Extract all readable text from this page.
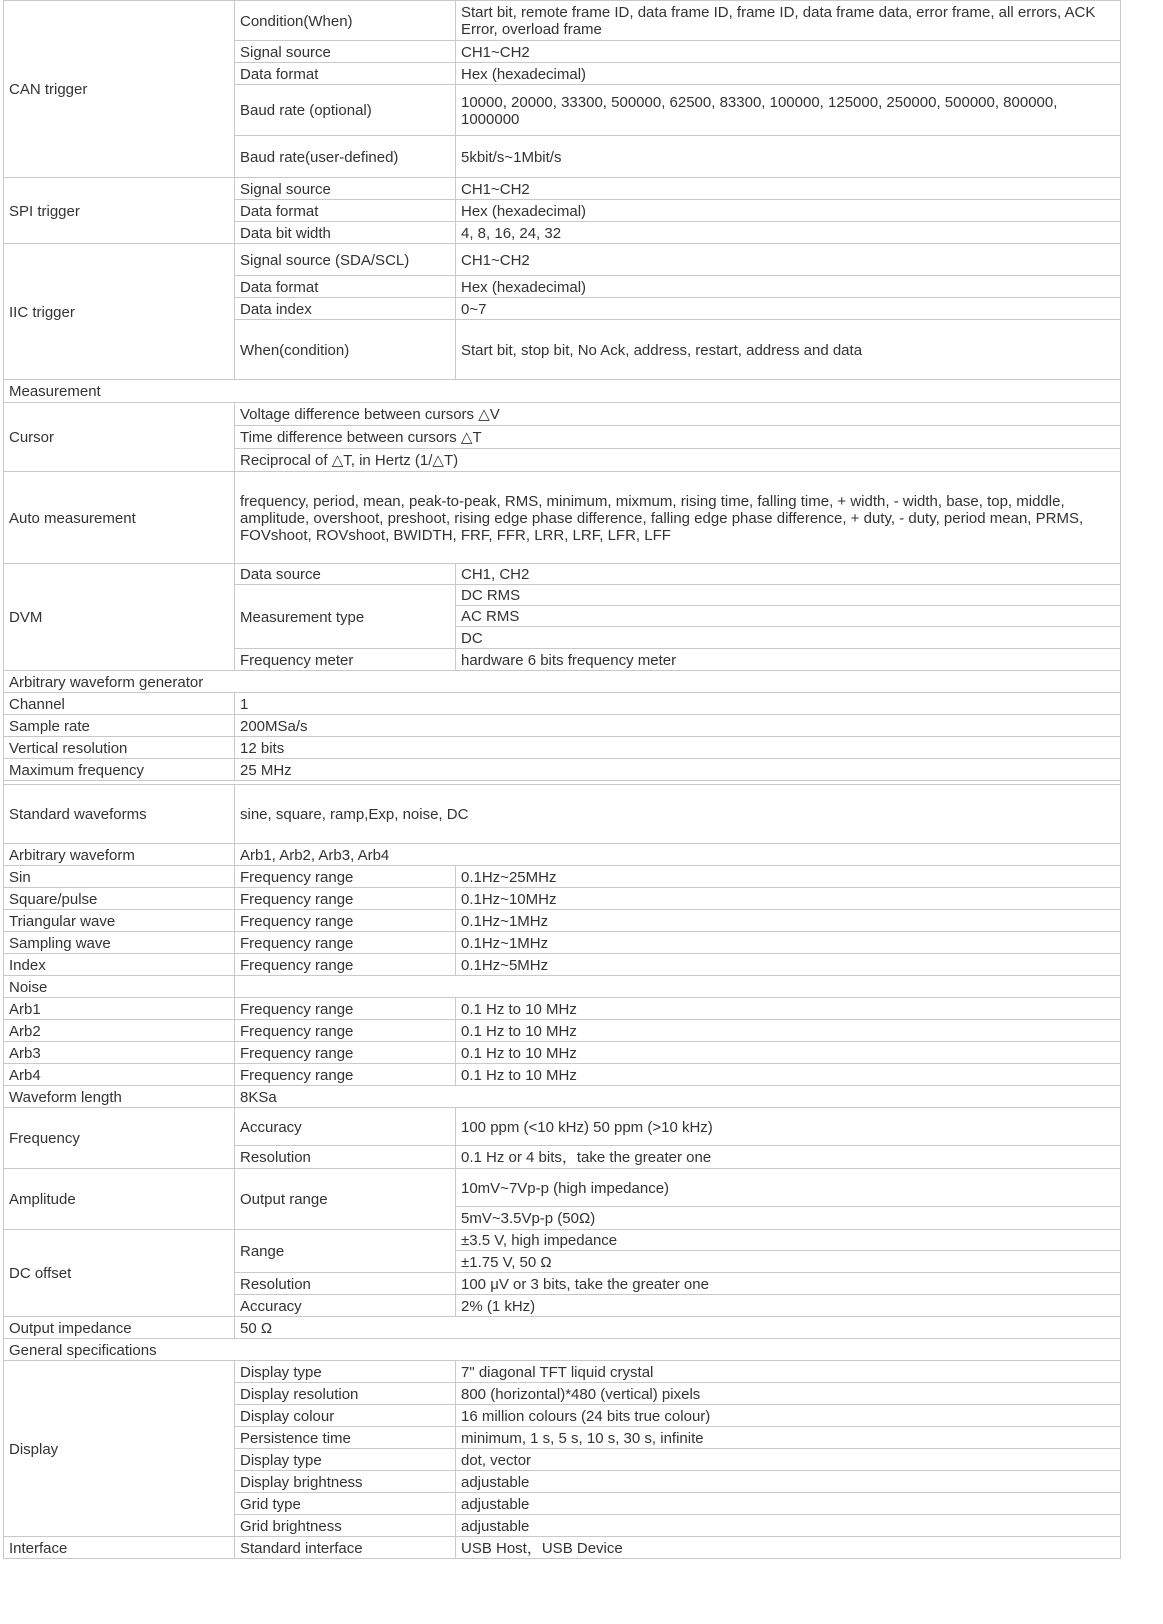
CAN trigger	Condition(When)	Start bit, remote frame ID, data frame ID, frame ID, data frame data, error frame, all errors, ACK Error, overload frame
	Signal source	CH1~CH2
	Data format	Hex (hexadecimal)
	Baud rate (optional)	10000, 20000, 33300, 500000, 62500, 83300, 100000, 125000, 250000, 500000, 800000, 1000000
	Baud rate(user-defined)	5kbit/s~1Mbit/s
SPI trigger	Signal source	CH1~CH2
	Data format	Hex (hexadecimal)
	Data bit width	4, 8, 16, 24, 32
IIC trigger	Signal source (SDA/SCL)	CH1~CH2
	Data format	Hex (hexadecimal)
	Data index	0~7
	When(condition)	Start bit, stop bit, No Ack, address, restart, address and data
Measurement		
Cursor	Voltage difference between cursors △V	
	Time difference between cursors △T	
	Reciprocal of △T, in Hertz (1/△T)	
Auto measurement	frequency, period, mean, peak-to-peak, RMS, minimum, mixmum, rising time, falling time, + width, - width, base, top, middle, amplitude, overshoot, preshoot, rising edge phase difference, falling edge phase difference, + duty, - duty, period mean, PRMS, FOVshoot, ROVshoot, BWIDTH, FRF, FFR, LRR, LRF, LFR, LFF	
DVM	Data source	CH1, CH2
	Measurement type	DC RMS
		AC RMS
		DC
	Frequency meter	hardware 6 bits frequency meter
Arbitrary waveform generator		
Channel	1	
Sample rate	200MSa/s	
Vertical resolution	12 bits	
Maximum frequency	25 MHz	

Standard waveforms	sine, square, ramp,Exp, noise, DC	
Arbitrary waveform	Arb1, Arb2, Arb3, Arb4	
Sin	Frequency range	0.1Hz~25MHz
Square/pulse	Frequency range	0.1Hz~10MHz
Triangular wave	Frequency range	0.1Hz~1MHz
Sampling wave	Frequency range	0.1Hz~1MHz
Index	Frequency range	0.1Hz~5MHz
Noise		
Arb1	Frequency range	0.1 Hz to 10 MHz
Arb2	Frequency range	0.1 Hz to 10 MHz
Arb3	Frequency range	0.1 Hz to 10 MHz
Arb4	Frequency range	0.1 Hz to 10 MHz
Waveform length	8KSa	
Frequency	Accuracy	100 ppm (<10 kHz) 50 ppm (>10 kHz)
	Resolution	0.1 Hz or 4 bits，take the greater one
Amplitude	Output range	10mV~7Vp-p (high impedance)
		5mV~3.5Vp-p (50Ω)
DC offset	Range	±3.5 V, high impedance
		±1.75 V, 50 Ω
	Resolution	100 μV or 3 bits, take the greater one
	Accuracy	2% (1 kHz)
Output impedance	50 Ω	
General specifications		
Display	Display type	7" diagonal TFT liquid crystal
	Display resolution	800 (horizontal)*480 (vertical) pixels
	Display colour	16 million colours (24 bits true colour)
	Persistence time	minimum, 1 s, 5 s, 10 s, 30 s, infinite
	Display type	dot, vector
	Display brightness	adjustable
	Grid type	adjustable
	Grid brightness	adjustable
Interface	Standard interface	USB Host，USB Device
